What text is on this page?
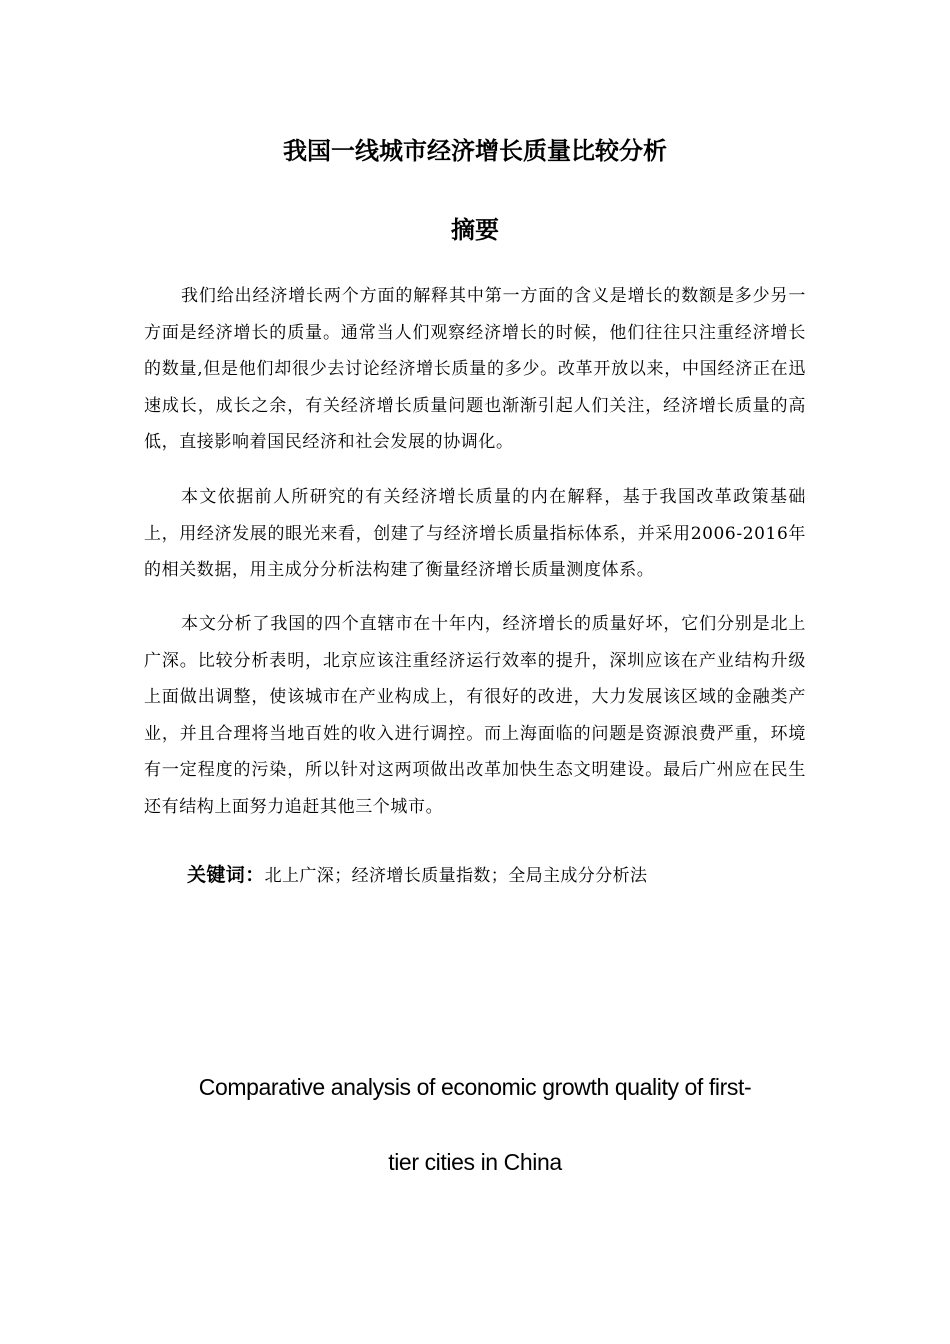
我国一线城市经济增长质量比较分析
摘要

我们给出经济增长两个方面的解释其中第一方面的含义是增长的数额是多少另一方面是经济增长的质量。通常当人们观察经济增长的时候，他们往往只注重经济增长的数量,但是他们却很少去讨论经济增长质量的多少。改革开放以来，中国经济正在迅速成长，成长之余，有关经济增长质量问题也渐渐引起人们关注，经济增长质量的高低，直接影响着国民经济和社会发展的协调化。

本文依据前人所研究的有关经济增长质量的内在解释，基于我国改革政策基础上，用经济发展的眼光来看，创建了与经济增长质量指标体系，并采用2006-2016年的相关数据，用主成分分析法构建了衡量经济增长质量测度体系。

本文分析了我国的四个直辖市在十年内，经济增长的质量好坏，它们分别是北上广深。比较分析表明，北京应该注重经济运行效率的提升，深圳应该在产业结构升级上面做出调整，使该城市在产业构成上，有很好的改进，大力发展该区域的金融类产业，并且合理将当地百姓的收入进行调控。而上海面临的问题是资源浪费严重，环境有一定程度的污染，所以针对这两项做出改革加快生态文明建设。最后广州应在民生还有结构上面努力追赶其他三个城市。

关键词：北上广深；经济增长质量指数；全局主成分分析法
Comparative analysis of economic growth quality of first-
tier cities in China
